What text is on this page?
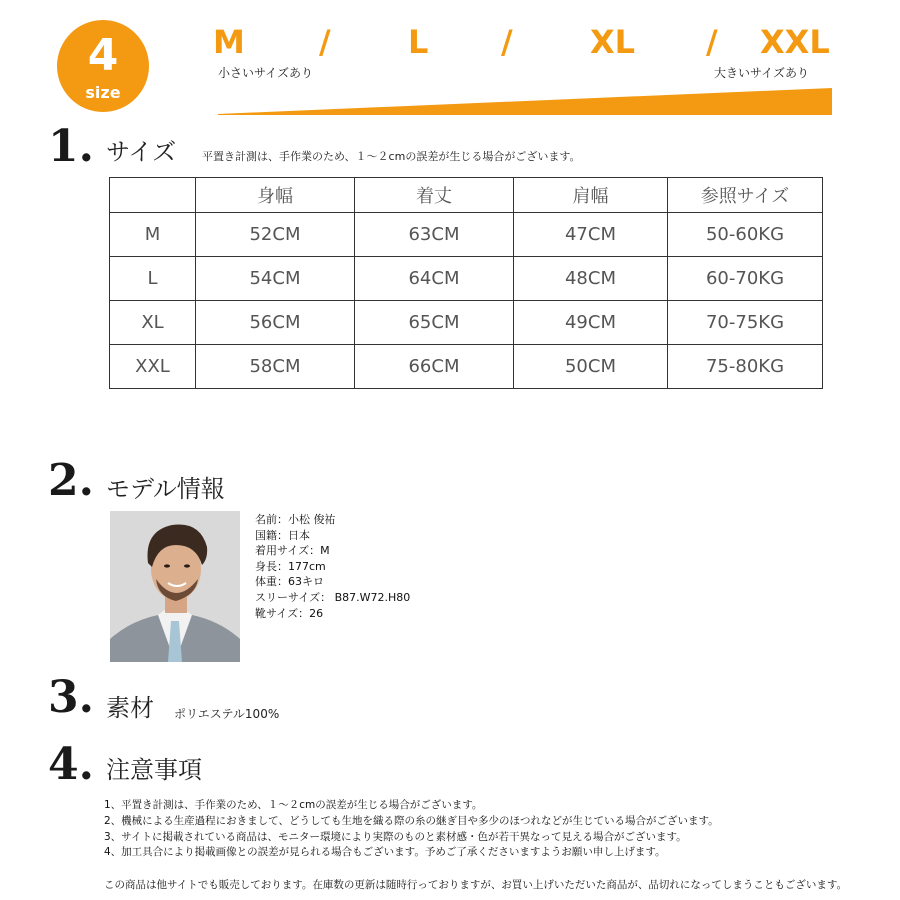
4
size
M / L / XL / XXL
小さいサイズあり	大きいサイズあり
1. サイズ 平置き計測は、手作業のため、１～２cmの誤差が生じる場合がございます。
	身幅	着丈	肩幅	参照サイズ
M	52CM	63CM	47CM	50-60KG
L	54CM	64CM	48CM	60-70KG
XL	56CM	65CM	49CM	70-75KG
XXL	58CM	66CM	50CM	75-80KG
2. モデル情報
名前：小松 俊祐
国籍：日本
着用サイズ：M
身長：177cm
体重：63キロ
スリーサイズ： B87.W72.H80
靴サイズ：26
3. 素材 ポリエステル100%
4. 注意事項
1、平置き計測は、手作業のため、１～２cmの誤差が生じる場合がございます。
2、機械による生産過程におきまして、どうしても生地を織る際の糸の継ぎ目や多少のほつれなどが生じている場合がございます。
3、サイトに掲載されている商品は、モニター環境により実際のものと素材感・色が若干異なって見える場合がございます。
4、加工具合により掲載画像との誤差が見られる場合もございます。予めご了承くださいますようお願い申し上げます。
この商品は他サイトでも販売しております。在庫数の更新は随時行っておりますが、お買い上げいただいた商品が、品切れになってしまうこともございます。
